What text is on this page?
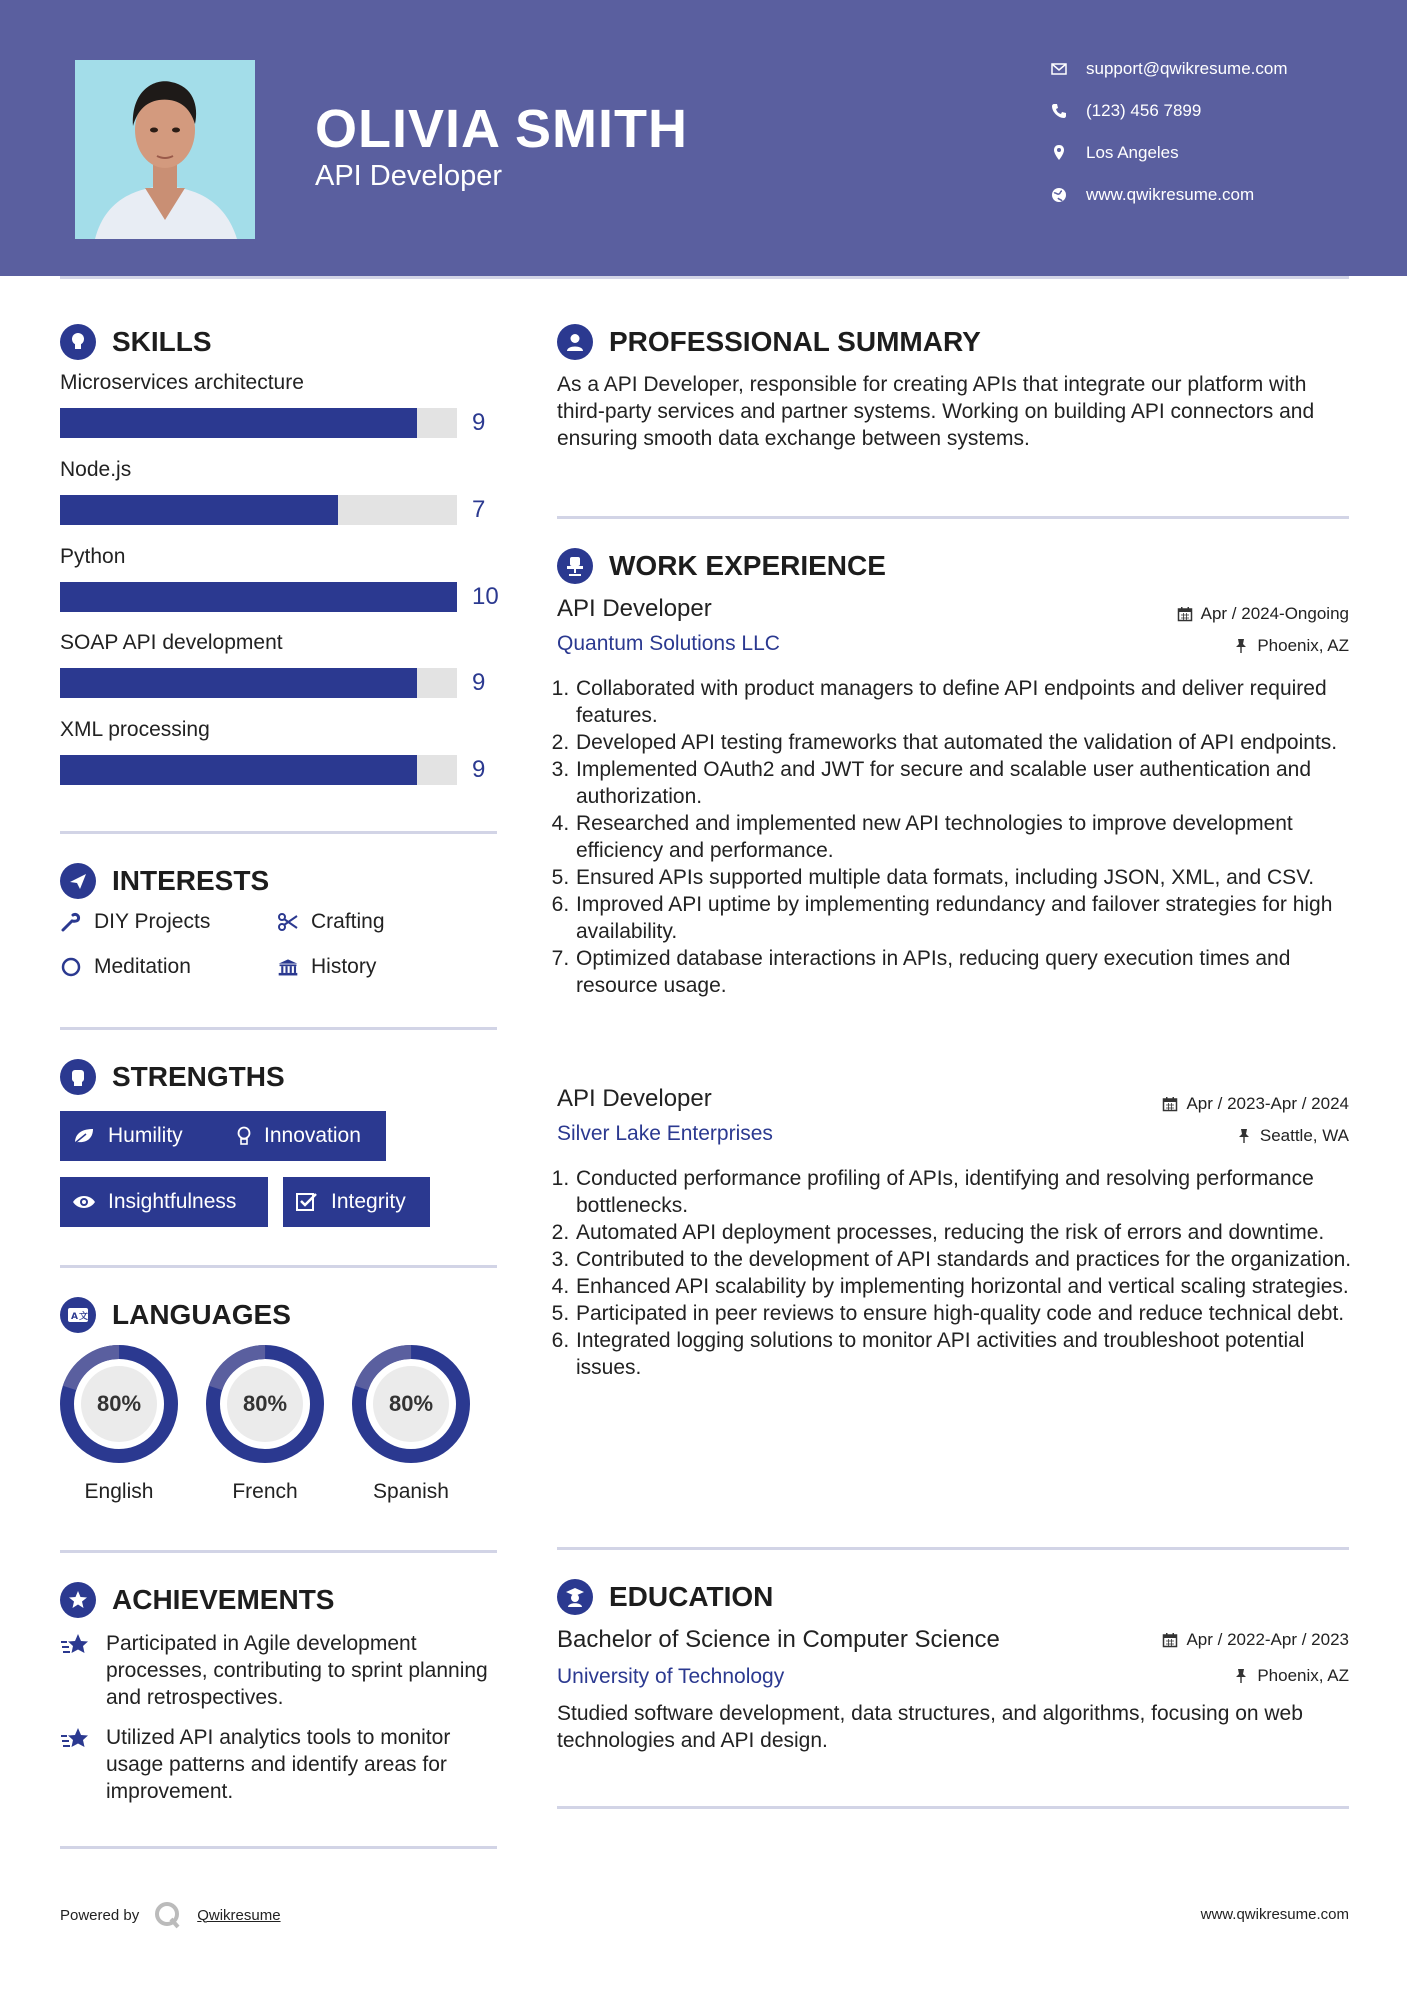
OLIVIA SMITH
API Developer
support@qwikresume.com
(123) 456 7899
Los Angeles
www.qwikresume.com
SKILLS
Microservices architecture
9
Node.js
7
Python
10
SOAP API development
9
XML processing
9
INTERESTS
DIY Projects	Crafting
Meditation	History
STRENGTHS
Humility	Innovation
Insightfulness	Integrity
A 文 LANGUAGES
80%
English
80%
French
80%
Spanish
ACHIEVEMENTS
Participated in Agile development processes, contributing to sprint planning and retrospectives.
Utilized API analytics tools to monitor usage patterns and identify areas for improvement.
PROFESSIONAL SUMMARY
As a API Developer, responsible for creating APIs that integrate our platform with third-party services and partner systems. Working on building API connectors and ensuring smooth data exchange between systems.
WORK EXPERIENCE
API Developer	Apr / 2024-Ongoing
Quantum Solutions LLC	Phoenix, AZ
1. Collaborated with product managers to define API endpoints and deliver required features.
2. Developed API testing frameworks that automated the validation of API endpoints.
3. Implemented OAuth2 and JWT for secure and scalable user authentication and authorization.
4. Researched and implemented new API technologies to improve development efficiency and performance.
5. Ensured APIs supported multiple data formats, including JSON, XML, and CSV.
6. Improved API uptime by implementing redundancy and failover strategies for high availability.
7. Optimized database interactions in APIs, reducing query execution times and resource usage.
API Developer	Apr / 2023-Apr / 2024
Silver Lake Enterprises	Seattle, WA
1. Conducted performance profiling of APIs, identifying and resolving performance bottlenecks.
2. Automated API deployment processes, reducing the risk of errors and downtime.
3. Contributed to the development of API standards and practices for the organization.
4. Enhanced API scalability by implementing horizontal and vertical scaling strategies.
5. Participated in peer reviews to ensure high-quality code and reduce technical debt.
6. Integrated logging solutions to monitor API activities and troubleshoot potential issues.
EDUCATION
Bachelor of Science in Computer Science	Apr / 2022-Apr / 2023
University of Technology	Phoenix, AZ
Studied software development, data structures, and algorithms, focusing on web technologies and API design.
Powered by	Qwikresume	www.qwikresume.com
